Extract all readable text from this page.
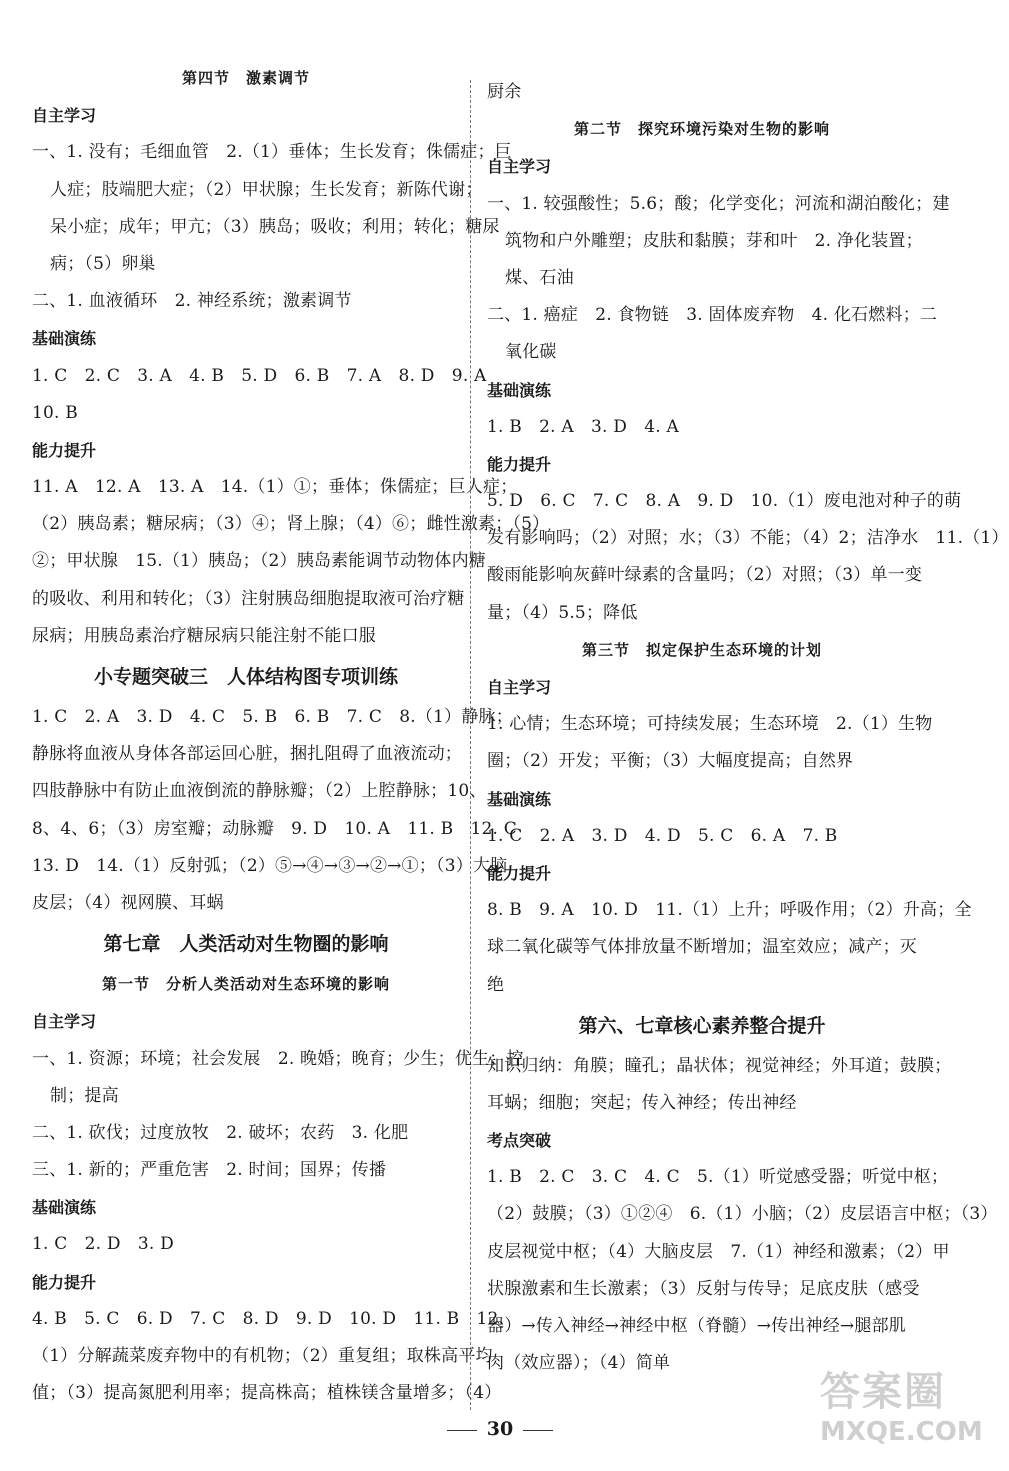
第四节　激素调节
自主学习
一、1. 没有；毛细血管　2.（1）垂体；生长发育；侏儒症；巨
人症；肢端肥大症；（2）甲状腺；生长发育；新陈代谢；
呆小症；成年；甲亢；（3）胰岛；吸收；利用；转化；糖尿
病；（5）卵巢
二、1. 血液循环　2. 神经系统；激素调节
基础演练
1. C　2. C　3. A　4. B　5. D　6. B　7. A　8. D　9. A
10. B
能力提升
11. A　12. A　13. A　14.（1）①；垂体；侏儒症；巨人症；
（2）胰岛素；糖尿病；（3）④；肾上腺；（4）⑥；雌性激素；（5）
②；甲状腺　15.（1）胰岛；（2）胰岛素能调节动物体内糖
的吸收、利用和转化；（3）注射胰岛细胞提取液可治疗糖
尿病；用胰岛素治疗糖尿病只能注射不能口服
小专题突破三　人体结构图专项训练
1. C　2. A　3. D　4. C　5. B　6. B　7. C　8.（1）静脉；
静脉将血液从身体各部运回心脏，捆扎阻碍了血液流动；
四肢静脉中有防止血液倒流的静脉瓣；（2）上腔静脉；10、
8、4、6；（3）房室瓣；动脉瓣　9. D　10. A　11. B　12. C
13. D　14.（1）反射弧；（2）⑤→④→③→②→①；（3）大脑
皮层；（4）视网膜、耳蜗
第七章　人类活动对生物圈的影响
第一节　分析人类活动对生态环境的影响
自主学习
一、1. 资源；环境；社会发展　2. 晚婚；晚育；少生；优生；控
制；提高
二、1. 砍伐；过度放牧　2. 破坏；农药　3. 化肥
三、1. 新的；严重危害　2. 时间；国界；传播
基础演练
1. C　2. D　3. D
能力提升
4. B　5. C　6. D　7. C　8. D　9. D　10. D　11. B　12.
（1）分解蔬菜废弃物中的有机物；（2）重复组；取株高平均
值；（3）提高氮肥利用率；提高株高；植株镁含量增多；（4）
厨余
第二节　探究环境污染对生物的影响
自主学习
一、1. 较强酸性；5.6；酸；化学变化；河流和湖泊酸化；建
筑物和户外雕塑；皮肤和黏膜；芽和叶　2. 净化装置；
煤、石油
二、1. 癌症　2. 食物链　3. 固体废弃物　4. 化石燃料；二
氧化碳
基础演练
1. B　2. A　3. D　4. A
能力提升
5. D　6. C　7. C　8. A　9. D　10.（1）废电池对种子的萌
发有影响吗；（2）对照；水；（3）不能；（4）2；洁净水　11.（1）
酸雨能影响灰藓叶绿素的含量吗；（2）对照；（3）单一变
量；（4）5.5；降低
第三节　拟定保护生态环境的计划
自主学习
1. 心情；生态环境；可持续发展；生态环境　2.（1）生物
圈；（2）开发；平衡；（3）大幅度提高；自然界
基础演练
1. C　2. A　3. D　4. D　5. C　6. A　7. B
能力提升
8. B　9. A　10. D　11.（1）上升；呼吸作用；（2）升高；全
球二氧化碳等气体排放量不断增加；温室效应；减产；灭
绝
第六、七章核心素养整合提升
知识归纳：角膜；瞳孔；晶状体；视觉神经；外耳道；鼓膜；
耳蜗；细胞；突起；传入神经；传出神经
考点突破
1. B　2. C　3. C　4. C　5.（1）听觉感受器；听觉中枢；
（2）鼓膜；（3）①②④　6.（1）小脑；（2）皮层语言中枢；（3）
皮层视觉中枢；（4）大脑皮层　7.（1）神经和激素；（2）甲
状腺激素和生长激素；（3）反射与传导；足底皮肤（感受
器）→传入神经→神经中枢（脊髓）→传出神经→腿部肌
肉（效应器）；（4）简单
30
答案圈
MXQE.COM
